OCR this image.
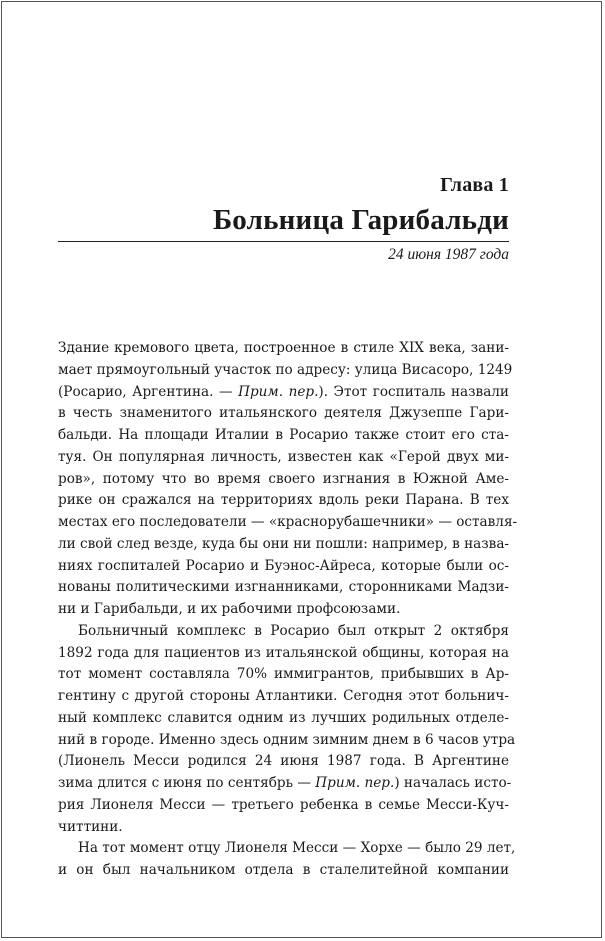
Глава 1
Больница Гарибальди

24 июня 1987 года

Здание кремового цвета, построенное в стиле XIX века, зани-
мает прямоугольный участок по адресу: улица Висасоро, 1249
(Росарио, Аргентина. — Прим. пер.). Этот госпиталь назвали
в честь знаменитого итальянского деятеля Джузеппе Гари-
бальди. На площади Италии в Росарио также стоит его ста-
туя. Он популярная личность, известен как «Герой двух ми-
ров», потому что во время своего изгнания в Южной Аме-
рике он сражался на территориях вдоль реки Парана. В тех
местах его последователи — «краснорубашечники» — оставля-
ли свой след везде, куда бы они ни пошли: например, в назва-
ниях госпиталей Росарио и Буэнос-Айреса, которые были ос-
нованы политическими изгнанниками, сторонниками Мадзи-
ни и Гарибальди, и их рабочими профсоюзами.
Больничный комплекс в Росарио был открыт 2 октября
1892 года для пациентов из итальянской общины, которая на
тот момент составляла 70% иммигрантов, прибывших в Ар-
гентину с другой стороны Атлантики. Сегодня этот больнич-
ный комплекс славится одним из лучших родильных отделе-
ний в городе. Именно здесь одним зимним днем в 6 часов утра
(Лионель Месси родился 24 июня 1987 года. В Аргентине
зима длится с июня по сентябрь — Прим. пер.) началась исто-
рия Лионеля Месси — третьего ребенка в семье Месси-Куч-
читтини.
На тот момент отцу Лионеля Месси — Хорхе — было 29 лет,
и он был начальником отдела в сталелитейной компании
